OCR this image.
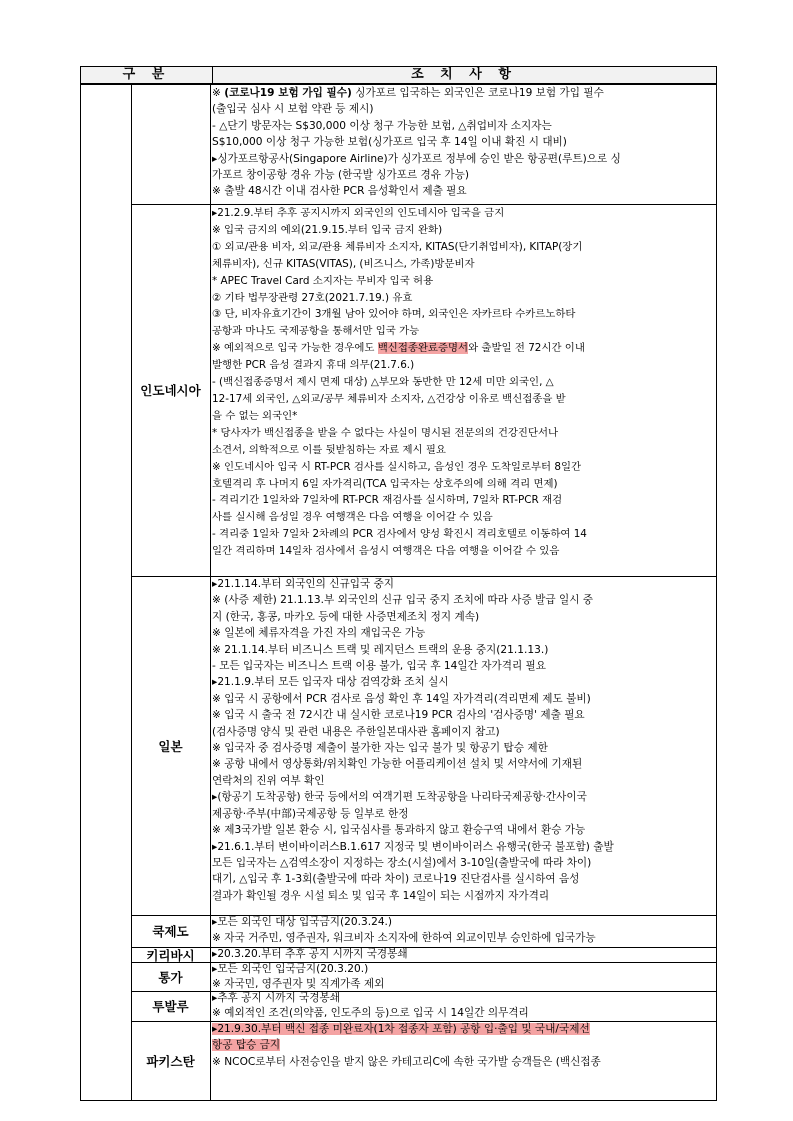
구 분	조 치 사 항
※ (코로나19 보험 가입 필수) 싱가포르 입국하는 외국인은 코로나19 보험 가입 필수
(출입국 심사 시 보험 약관 등 제시)
- △단기 방문자는 S$30,000 이상 청구 가능한 보험, △취업비자 소지자는
S$10,000 이상 청구 가능한 보험(싱가포르 입국 후 14일 이내 확진 시 대비)
▸싱가포르항공사(Singapore Airline)가 싱가포르 정부에 승인 받은 항공편(루트)으로 싱
가포르 창이공항 경유 가능 (한국발 싱가포르 경유 가능)
※ 출발 48시간 이내 검사한 PCR 음성확인서 제출 필요
인도네시아
▸21.2.9.부터 추후 공지시까지 외국인의 인도네시아 입국을 금지
※ 입국 금지의 예외(21.9.15.부터 입국 금지 완화)
① 외교/관용 비자, 외교/관용 체류비자 소지자, KITAS(단기취업비자), KITAP(장기
체류비자), 신규 KITAS(VITAS), (비즈니스, 가족)방문비자
* APEC Travel Card 소지자는 무비자 입국 허용
② 기타 법무장관령 27호(2021.7.19.) 유효
③ 단, 비자유효기간이 3개월 남아 있어야 하며, 외국인은 자카르타 수카르노하타
공항과 마나도 국제공항을 통해서만 입국 가능
※ 예외적으로 입국 가능한 경우에도 백신접종완료증명서와 출발일 전 72시간 이내
발행한 PCR 음성 결과지 휴대 의무(21.7.6.)
- (백신접종증명서 제시 면제 대상) △부모와 동반한 만 12세 미만 외국인, △
12-17세 외국인, △외교/공무 체류비자 소지자, △건강상 이유로 백신접종을 받
을 수 없는 외국인*
* 당사자가 백신접종을 받을 수 없다는 사실이 명시된 전문의의 건강진단서나
소견서, 의학적으로 이를 뒷받침하는 자료 제시 필요
※ 인도네시아 입국 시 RT-PCR 검사를 실시하고, 음성인 경우 도착일로부터 8일간
호텔격리 후 나머지 6일 자가격리(TCA 입국자는 상호주의에 의해 격리 면제)
- 격리기간 1일차와 7일차에 RT-PCR 재검사를 실시하며, 7일차 RT-PCR 재검
사를 실시해 음성일 경우 여행객은 다음 여행을 이어갈 수 있음
- 격리중 1일차 7일차 2차례의 PCR 검사에서 양성 확진시 격리호텔로 이동하여 14
일간 격리하며 14일차 검사에서 음성시 여행객은 다음 여행을 이어갈 수 있음
일본
▸21.1.14.부터 외국인의 신규입국 중지
※ (사증 제한) 21.1.13.부 외국인의 신규 입국 중지 조치에 따라 사증 발급 일시 중
지 (한국, 홍콩, 마카오 등에 대한 사증면제조치 정지 계속)
※ 일본에 체류자격을 가진 자의 재입국은 가능
※ 21.1.14.부터 비즈니스 트랙 및 레지던스 트랙의 운용 중지(21.1.13.)
- 모든 입국자는 비즈니스 트랙 이용 불가, 입국 후 14일간 자가격리 필요
▸21.1.9.부터 모든 입국자 대상 검역강화 조치 실시
※ 입국 시 공항에서 PCR 검사로 음성 확인 후 14일 자가격리(격리면제 제도 불비)
※ 입국 시 출국 전 72시간 내 실시한 코로나19 PCR 검사의 '검사증명' 제출 필요
(검사증명 양식 및 관련 내용은 주한일본대사관 홈페이지 참고)
※ 입국자 중 검사증명 제출이 불가한 자는 입국 불가 및 항공기 탑승 제한
※ 공항 내에서 영상통화/위치확인 가능한 어플리케이션 설치 및 서약서에 기재된
연락처의 진위 여부 확인
▸(항공기 도착공항) 한국 등에서의 여객기편 도착공항을 나리타국제공항·간사이국
제공항·주부(中部)국제공항 등 일부로 한정
※ 제3국가발 일본 환승 시, 입국심사를 통과하지 않고 환승구역 내에서 환승 가능
▸21.6.1.부터 변이바이러스B.1.617 지정국 및 변이바이러스 유행국(한국 불포함) 출발
모든 입국자는 △검역소장이 지정하는 장소(시설)에서 3-10일(출발국에 따라 차이)
대기, △입국 후 1-3회(출발국에 따라 차이) 코로나19 진단검사를 실시하여 음성
결과가 확인될 경우 시설 퇴소 및 입국 후 14일이 되는 시점까지 자가격리
쿡제도
▸모든 외국인 대상 입국금지(20.3.24.)
※ 자국 거주민, 영주권자, 워크비자 소지자에 한하여 외교이민부 승인하에 입국가능
키리바시	▸20.3.20.부터 추후 공지 시까지 국경봉쇄
통가
▸모든 외국인 입국금지(20.3.20.)
※ 자국민, 영주권자 및 직계가족 제외
투발루
▸추후 공지 시까지 국경봉쇄
※ 예외적인 조건(의약품, 인도주의 등)으로 입국 시 14일간 의무격리
파키스탄
▸21.9.30.부터 백신 접종 미완료자(1차 접종자 포함) 공항 입·출입 및 국내/국제선
항공 탑승 금지
※ NCOC로부터 사전승인을 받지 않은 카테고리C에 속한 국가발 승객들은 (백신접종
